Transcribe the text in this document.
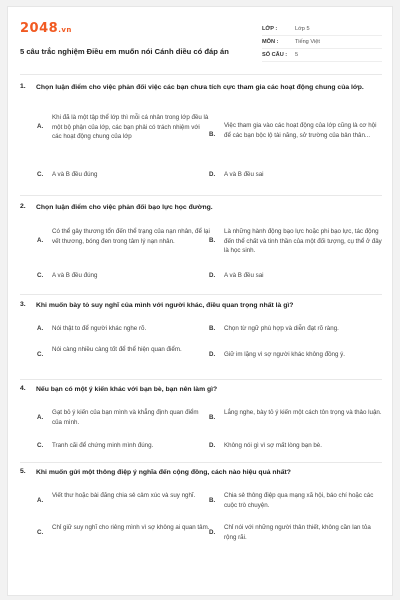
2048.vn
5 câu trắc nghiệm Điều em muốn nói Cánh diều có đáp án
LỚP :	Lớp 5
MÔN :	Tiếng Việt
SỐ CÂU : 5
1. Chọn luận điểm cho việc phản đối việc các bạn chưa tích cực tham gia các hoạt động chung của lớp.
A.
Khi đã là một tập thể lớp thì mỗi cá nhân trong lớp đều là một bộ phận của lớp, các bạn phải có trách nhiệm với các hoạt động chung của lớp	B.
Việc tham gia vào các hoạt động của lớp cũng là cơ hội để các bạn bộc lộ tài năng, sở trường của bản thân...
C. A và B đều đúng	D. A và B đều sai
2. Chọn luận điểm cho việc phản đối bạo lực học đường.
A.
Có thể gây thương tổn đến thể trạng của nạn nhân, để lại vết thương, bóng đen trong tâm lý nạn nhân.	B.
Là những hành động bạo lực hoặc phi bạo lực, tác động đến thể chất và tinh thần của một đối tượng, cụ thể ở đây là học sinh.
C. A và B đều đúng	D. A và B đều sai
3. Khi muốn bày tỏ suy nghĩ của mình với người khác, điều quan trọng nhất là gì?
A. Nói thật to để người khác nghe rõ.	B. Chọn từ ngữ phù hợp và diễn đạt rõ ràng.
C.
Nói càng nhiều càng tốt để thể hiện quan điểm.
D. Giữ im lặng vì sợ người khác không đồng ý.
4. Nếu bạn có một ý kiến khác với bạn bè, bạn nên làm gì?
A.
Gạt bỏ ý kiến của bạn mình và khẳng định quan điểm của mình.
B.
Lắng nghe, bày tỏ ý kiến một cách tôn trọng và thảo luận.
C. Tranh cãi để chứng minh mình đúng.	D. Không nói gì vì sợ mất lòng bạn bè.
5. Khi muốn gửi một thông điệp ý nghĩa đến cộng đồng, cách nào hiệu quả nhất?
A.
Viết thư hoặc bài đăng chia sẻ cảm xúc và suy nghĩ.
B.
Chia sẻ thông điệp qua mạng xã hội, báo chí hoặc các cuộc trò chuyện.
C.
Chỉ giữ suy nghĩ cho riêng mình vì sợ không ai quan tâm.
D.
Chỉ nói với những người thân thiết, không cần lan tỏa rộng rãi.
